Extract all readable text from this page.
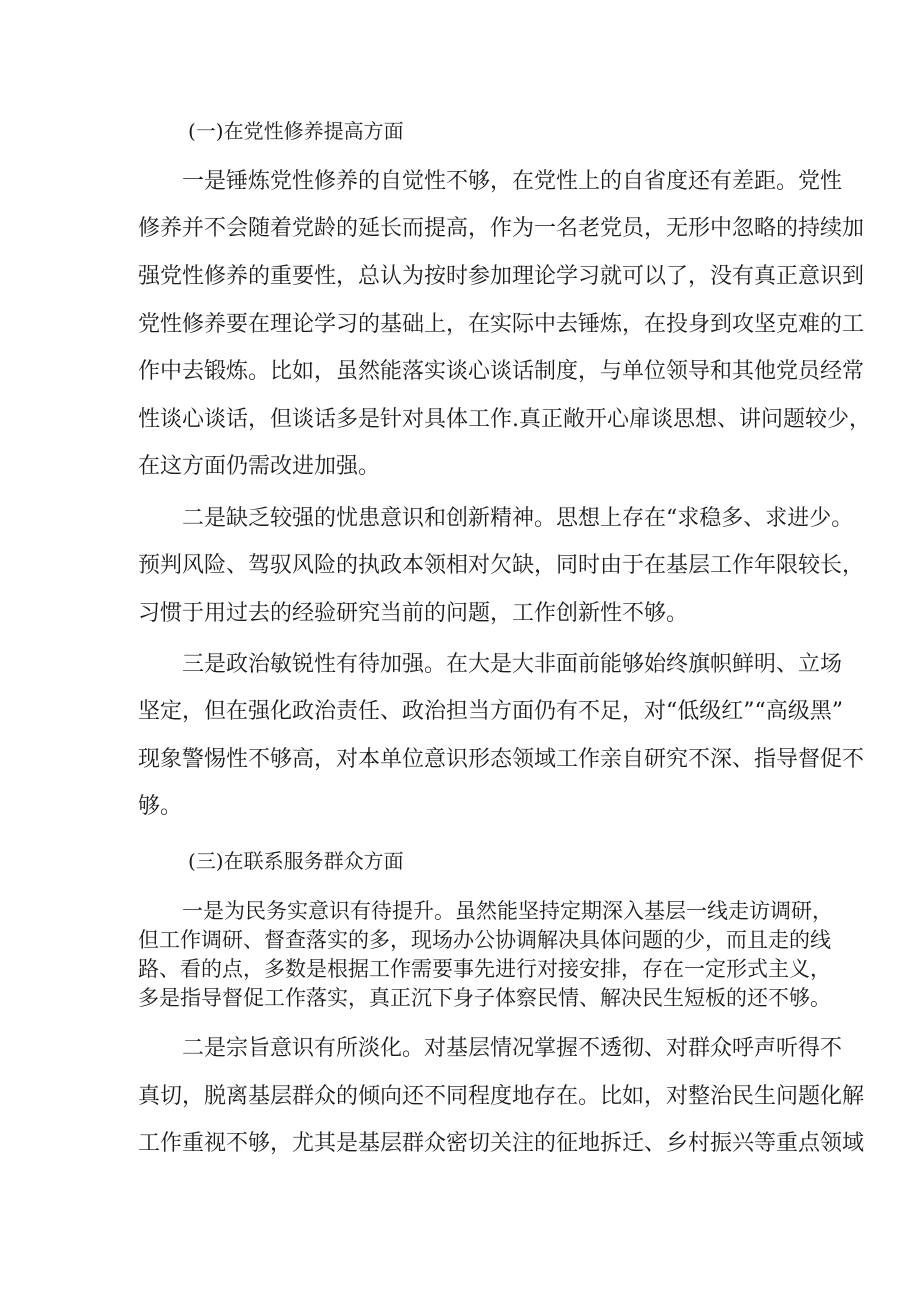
(一)在党性修养提高方面
一是锤炼党性修养的自觉性不够，在党性上的自省度还有差距。党性
修养并不会随着党龄的延长而提高，作为一名老党员，无形中忽略的持续加
强党性修养的重要性，总认为按时参加理论学习就可以了，没有真正意识到
党性修养要在理论学习的基础上，在实际中去锤炼，在投身到攻坚克难的工
作中去锻炼。比如，虽然能落实谈心谈话制度，与单位领导和其他党员经常
性谈心谈话，但谈话多是针对具体工作.真正敞开心扉谈思想、讲问题较少，
在这方面仍需改进加强。
二是缺乏较强的忧患意识和创新精神。思想上存在“求稳多、求进少。
预判风险、驾驭风险的执政本领相对欠缺，同时由于在基层工作年限较长，
习惯于用过去的经验研究当前的问题，工作创新性不够。
三是政治敏锐性有待加强。在大是大非面前能够始终旗帜鲜明、立场
坚定，但在强化政治责任、政治担当方面仍有不足，对“低级红”“高级黑”
现象警惕性不够高，对本单位意识形态领域工作亲自研究不深、指导督促不
够。
(三)在联系服务群众方面
一是为民务实意识有待提升。虽然能坚持定期深入基层一线走访调研，
但工作调研、督查落实的多，现场办公协调解决具体问题的少，而且走的线
路、看的点，多数是根据工作需要事先进行对接安排，存在一定形式主义，
多是指导督促工作落实，真正沉下身子体察民情、解决民生短板的还不够。
二是宗旨意识有所淡化。对基层情况掌握不透彻、对群众呼声听得不
真切，脱离基层群众的倾向还不同程度地存在。比如，对整治民生问题化解
工作重视不够，尤其是基层群众密切关注的征地拆迁、乡村振兴等重点领域
